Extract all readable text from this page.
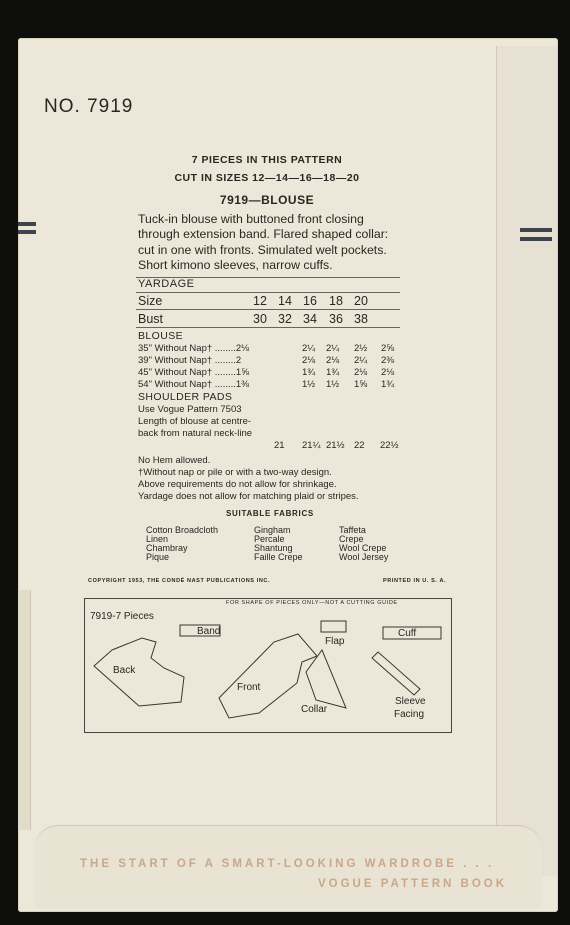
NO. 7919
7 PIECES IN THIS PATTERN
CUT IN SIZES 12—14—16—18—20
7919—BLOUSE
Tuck-in blouse with buttoned front closing through extension band. Flared shaped collar: cut in one with fronts. Simulated welt pockets. Short kimono sleeves, narrow cuffs.
YARDAGE
Size	12 14 16 18 20
Bust	30 32 34 36 38
BLOUSE
35" Without Nap† ........2⅛	2¼ 2¼ 2½ 2⅝
39" Without Nap† ........2	2⅛ 2⅛ 2¼ 2⅜
45" Without Nap† ........1⅝	1¾ 1¾ 2⅛ 2⅛
54" Without Nap† ........1⅜	1½ 1½ 1⅝ 1¾
SHOULDER PADS
Use Vogue Pattern 7503
Length of blouse at centre-
back from natural neck-line
21 21¼ 21½ 22 22½
No Hem allowed.
†Without nap or pile or with a two-way design.
Above requirements do not allow for shrinkage.
Yardage does not allow for matching plaid or stripes.
SUITABLE FABRICS
Cotton Broadcloth
Linen
Chambray
Pique
Gingham
Percale
Shantung
Faille Crepe
Taffeta
Crepe
Wool Crepe
Wool Jersey
COPYRIGHT 1953, THE CONDÉ NAST PUBLICATIONS INC.	PRINTED IN U. S. A.
FOR SHAPE OF PIECES ONLY—NOT A CUTTING GUIDE
7919-7 Pieces
Band
Flap
Cuff
Back
Front
Collar
Sleeve
Facing
THE START OF A SMART-LOOKING WARDROBE . . .
VOGUE PATTERN BOOK
